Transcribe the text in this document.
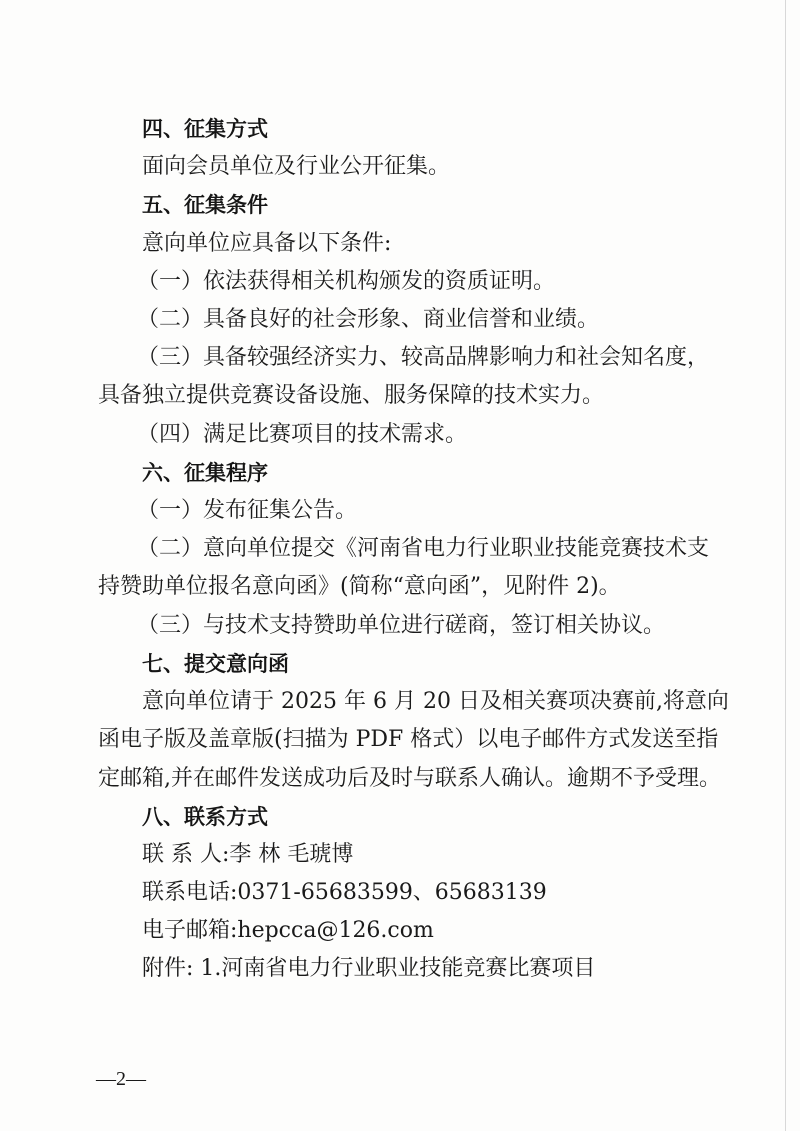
四、征集方式
面向会员单位及行业公开征集。
五、征集条件
意向单位应具备以下条件:
（一）依法获得相关机构颁发的资质证明。
（二）具备良好的社会形象、商业信誉和业绩。
（三）具备较强经济实力、较高品牌影响力和社会知名度，
具备独立提供竞赛设备设施、服务保障的技术实力。
（四）满足比赛项目的技术需求。
六、征集程序
（一）发布征集公告。
（二）意向单位提交《河南省电力行业职业技能竞赛技术支
持赞助单位报名意向函》(简称“意向函”，见附件 2)。
（三）与技术支持赞助单位进行磋商，签订相关协议。
七、提交意向函
意向单位请于 2025 年 6 月 20 日及相关赛项决赛前,将意向
函电子版及盖章版(扫描为 PDF 格式）以电子邮件方式发送至指
定邮箱,并在邮件发送成功后及时与联系人确认。逾期不予受理。
八、联系方式
联 系 人:李 林 毛琥博
联系电话:0371-65683599、65683139
电子邮箱:hepcca@126.com
附件: 1.河南省电力行业职业技能竞赛比赛项目
—2—
